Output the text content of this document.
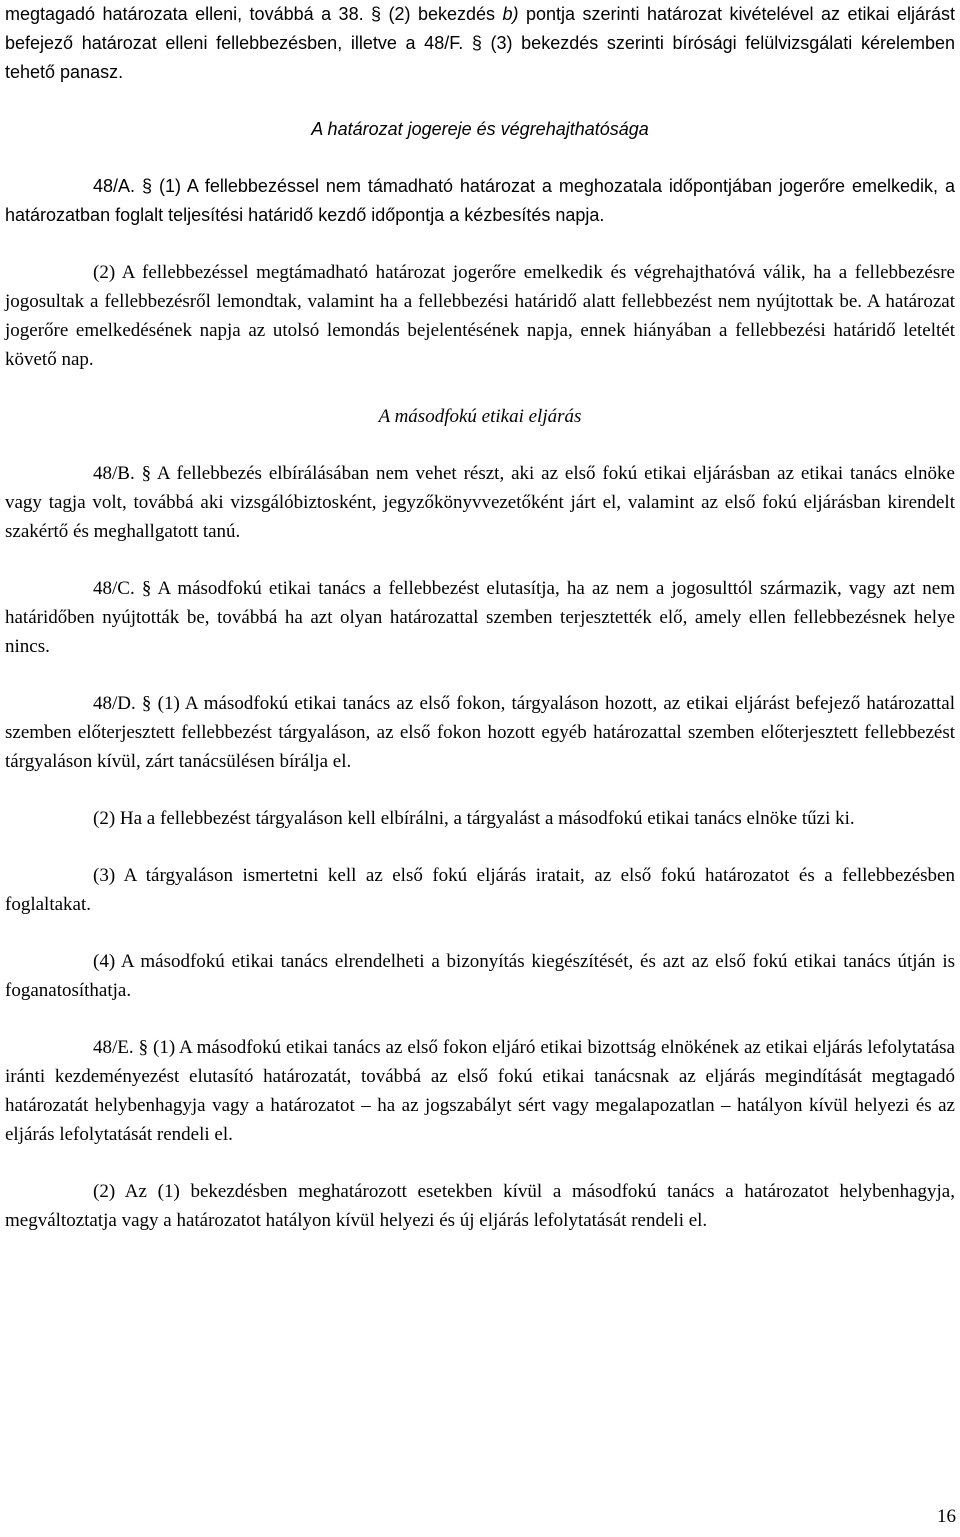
megtagadó határozata elleni, továbbá a 38. § (2) bekezdés b) pontja szerinti határozat kivételével az etikai eljárást befejező határozat elleni fellebbezésben, illetve a 48/F. § (3) bekezdés szerinti bírósági felülvizsgálati kérelemben tehető panasz.

A határozat jogereje és végrehajthatósága

48/A. § (1) A fellebbezéssel nem támadható határozat a meghozatala időpontjában jogerőre emelkedik, a határozatban foglalt teljesítési határidő kezdő időpontja a kézbesítés napja.

(2) A fellebbezéssel megtámadható határozat jogerőre emelkedik és végrehajthatóvá válik, ha a fellebbezésre jogosultak a fellebbezésről lemondtak, valamint ha a fellebbezési határidő alatt fellebbezést nem nyújtottak be. A határozat jogerőre emelkedésének napja az utolsó lemondás bejelentésének napja, ennek hiányában a fellebbezési határidő leteltét követő nap.

A másodfokú etikai eljárás

48/B. § A fellebbezés elbírálásában nem vehet részt, aki az első fokú etikai eljárásban az etikai tanács elnöke vagy tagja volt, továbbá aki vizsgálóbiztosként, jegyzőkönyvvezetőként járt el, valamint az első fokú eljárásban kirendelt szakértő és meghallgatott tanú.

48/C. § A másodfokú etikai tanács a fellebbezést elutasítja, ha az nem a jogosulttól származik, vagy azt nem határidőben nyújtották be, továbbá ha azt olyan határozattal szemben terjesztették elő, amely ellen fellebbezésnek helye nincs.

48/D. § (1) A másodfokú etikai tanács az első fokon, tárgyaláson hozott, az etikai eljárást befejező határozattal szemben előterjesztett fellebbezést tárgyaláson, az első fokon hozott egyéb határozattal szemben előterjesztett fellebbezést tárgyaláson kívül, zárt tanácsülésen bírálja el.

(2) Ha a fellebbezést tárgyaláson kell elbírálni, a tárgyalást a másodfokú etikai tanács elnöke tűzi ki.

(3) A tárgyaláson ismertetni kell az első fokú eljárás iratait, az első fokú határozatot és a fellebbezésben foglaltakat.

(4) A másodfokú etikai tanács elrendelheti a bizonyítás kiegészítését, és azt az első fokú etikai tanács útján is foganatosíthatja.

48/E. § (1) A másodfokú etikai tanács az első fokon eljáró etikai bizottság elnökének az etikai eljárás lefolytatása iránti kezdeményezést elutasító határozatát, továbbá az első fokú etikai tanácsnak az eljárás megindítását megtagadó határozatát helybenhagyja vagy a határozatot – ha az jogszabályt sért vagy megalapozatlan – hatályon kívül helyezi és az eljárás lefolytatását rendeli el.

(2) Az (1) bekezdésben meghatározott esetekben kívül a másodfokú tanács a határozatot helybenhagyja, megváltoztatja vagy a határozatot hatályon kívül helyezi és új eljárás lefolytatását rendeli el.

16
